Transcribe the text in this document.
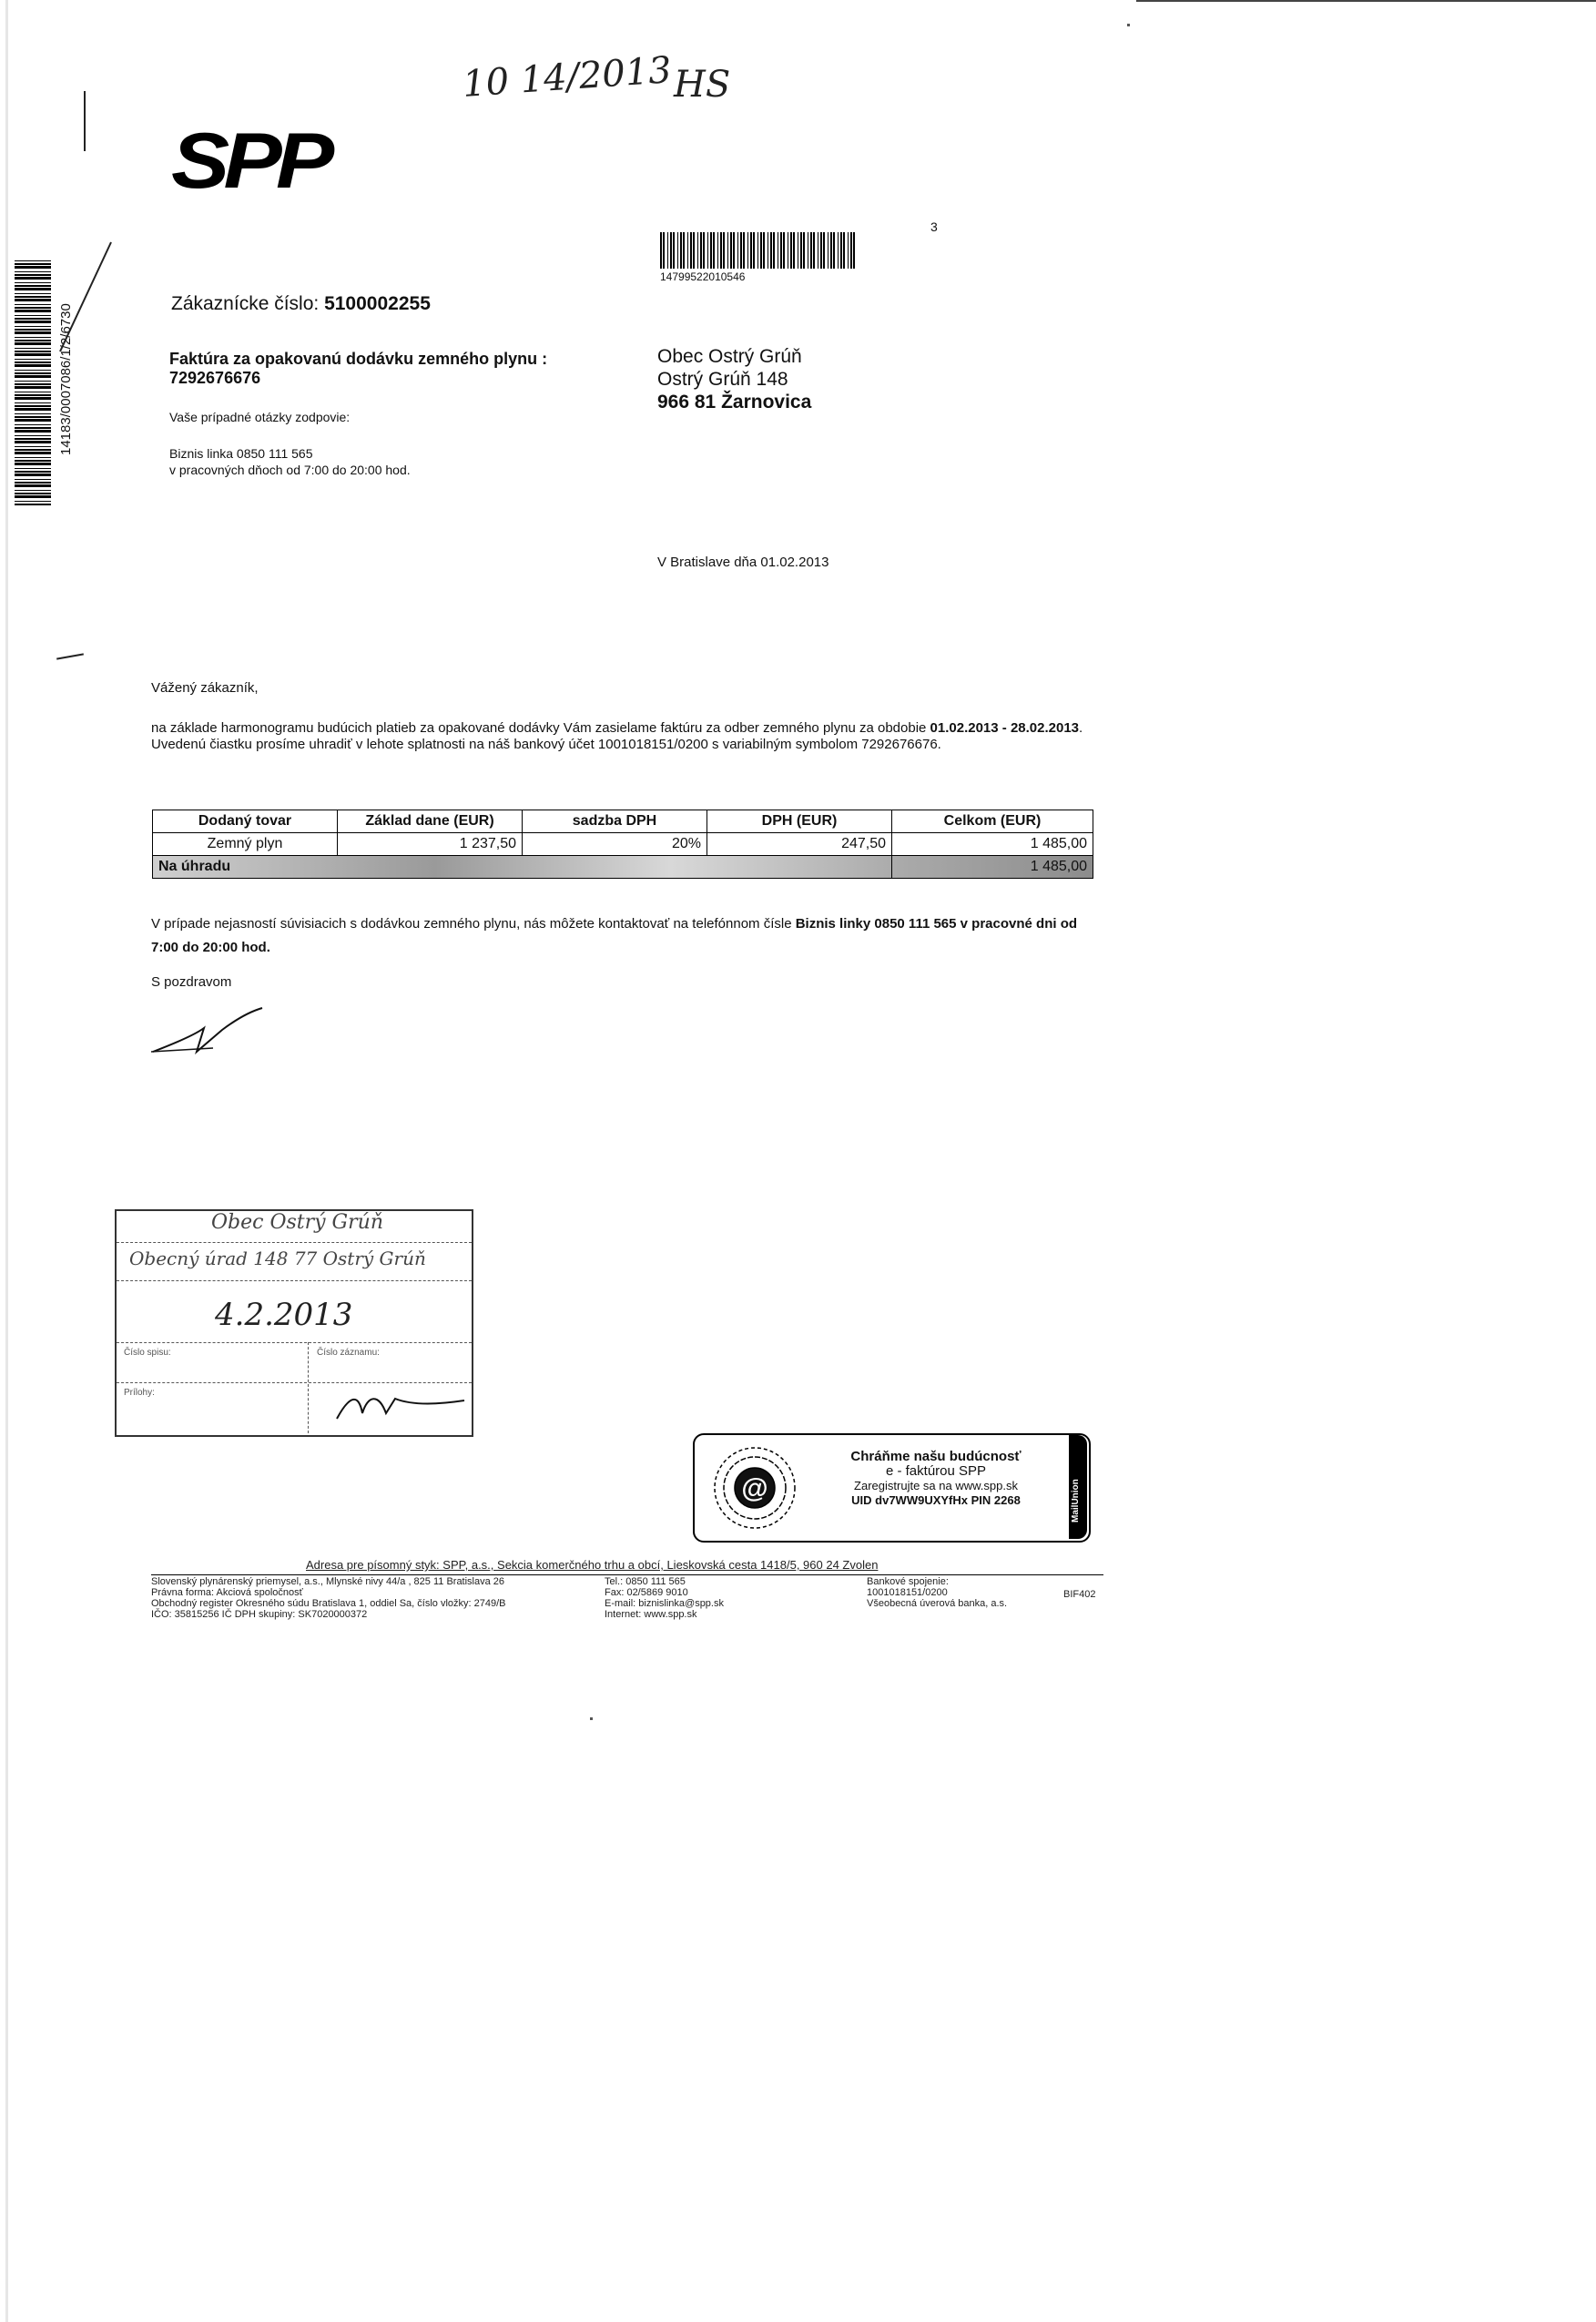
10 14/2013 HS
3
SPP
14799522010546
14183/0007086/1/2/6730	Zákaznícke číslo: 5100002255
Faktúra za opakovanú dodávku zemného plynu :
7292676676
Vaše prípadné otázky zodpovie:
Biznis linka 0850 111 565
v pracovných dňoch od 7:00 do 20:00 hod.
Obec Ostrý Grúň
Ostrý Grúň 148
966 81 Žarnovica
V Bratislave dňa 01.02.2013
Vážený zákazník,
na základe harmonogramu budúcich platieb za opakované dodávky Vám zasielame faktúru za odber zemného plynu za obdobie 01.02.2013 - 28.02.2013.
Uvedenú čiastku prosíme uhradiť v lehote splatnosti na náš bankový účet 1001018151/0200 s variabilným symbolom 7292676676.
Dodaný tovar	Základ dane (EUR)	sadzba DPH	DPH (EUR)	Celkom (EUR)
Zemný plyn	1 237,50	20%	247,50	1 485,00
Na úhradu				1 485,00
V prípade nejasností súvisiacich s dodávkou zemného plynu, nás môžete kontaktovať na telefónnom čísle Biznis linky 0850 111 565 v pracovné dni od 7:00 do 20:00 hod.
S pozdravom
Obec Ostrý Grúň
Obecný úrad 148 77 Ostrý Grúň
4.2.2013
Číslo spisu:	Číslo záznamu:
Prílohy:
@
Chráňme našu budúcnosť
e - faktúrou SPP
Zaregistrujte sa na www.spp.sk
UID dv7WW9UXYfHx PIN 2268	MailUnion
Adresa pre písomný styk: SPP, a.s., Sekcia komerčného trhu a obcí, Lieskovská cesta 1418/5, 960 24 Zvolen
Slovenský plynárenský priemysel, a.s., Mlynské nivy 44/a , 825 11 Bratislava 26
Právna forma: Akciová spoločnosť
Obchodný register Okresného súdu Bratislava 1, oddiel Sa, číslo vložky: 2749/B
IČO: 35815256 IČ DPH skupiny: SK7020000372
Tel.: 0850 111 565
Fax: 02/5869 9010
E-mail: biznislinka@spp.sk
Internet: www.spp.sk
Bankové spojenie:
1001018151/0200
Všeobecná úverová banka, a.s.
BIF402
